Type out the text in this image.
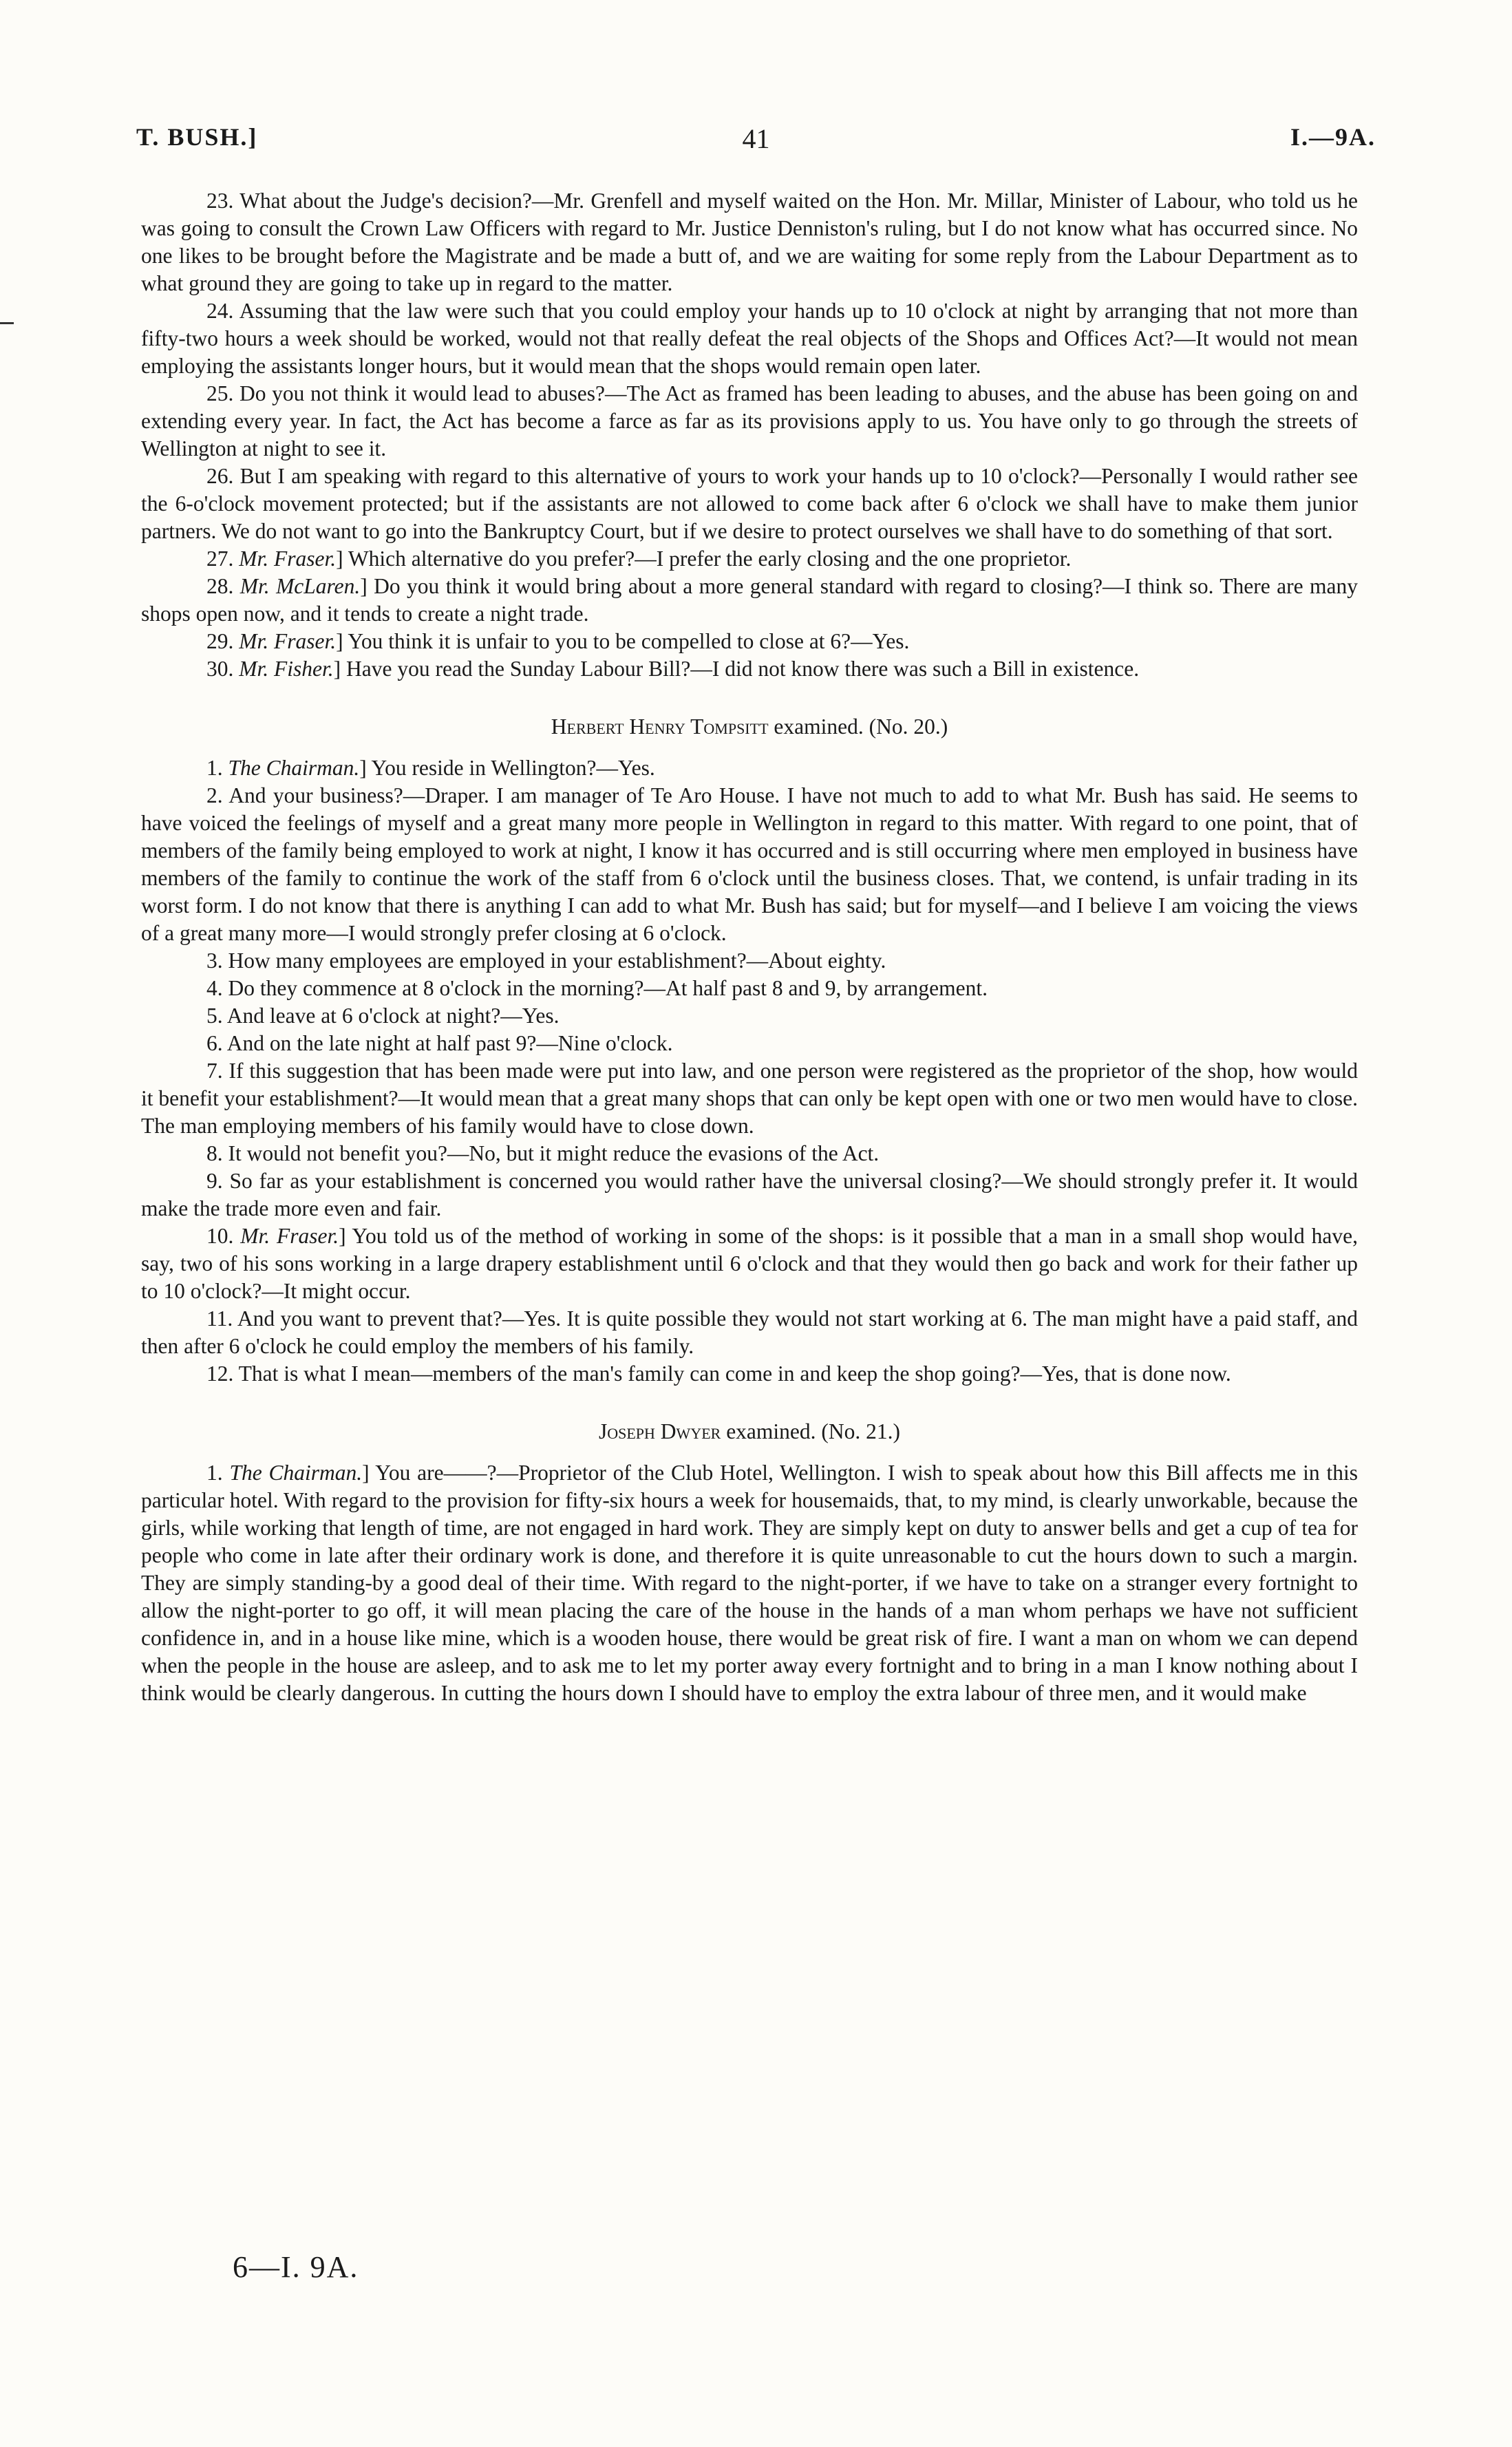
T. BUSH.]	41	I.—9A.

23. What about the Judge's decision?—Mr. Grenfell and myself waited on the Hon. Mr. Millar, Minister of Labour, who told us he was going to consult the Crown Law Officers with regard to Mr. Justice Denniston's ruling, but I do not know what has occurred since. No one likes to be brought before the Magistrate and be made a butt of, and we are waiting for some reply from the Labour Department as to what ground they are going to take up in regard to the matter.

24. Assuming that the law were such that you could employ your hands up to 10 o'clock at night by arranging that not more than fifty-two hours a week should be worked, would not that really defeat the real objects of the Shops and Offices Act?—It would not mean employing the assistants longer hours, but it would mean that the shops would remain open later.

25. Do you not think it would lead to abuses?—The Act as framed has been leading to abuses, and the abuse has been going on and extending every year. In fact, the Act has become a farce as far as its provisions apply to us. You have only to go through the streets of Wellington at night to see it.

26. But I am speaking with regard to this alternative of yours to work your hands up to 10 o'clock?—Personally I would rather see the 6-o'clock movement protected; but if the assistants are not allowed to come back after 6 o'clock we shall have to make them junior partners. We do not want to go into the Bankruptcy Court, but if we desire to protect ourselves we shall have to do something of that sort.

27. Mr. Fraser.] Which alternative do you prefer?—I prefer the early closing and the one proprietor.

28. Mr. McLaren.] Do you think it would bring about a more general standard with regard to closing?—I think so. There are many shops open now, and it tends to create a night trade.

29. Mr. Fraser.] You think it is unfair to you to be compelled to close at 6?—Yes.

30. Mr. Fisher.] Have you read the Sunday Labour Bill?—I did not know there was such a Bill in existence.

Herbert Henry Tompsitt examined. (No. 20.)

1. The Chairman.] You reside in Wellington?—Yes.

2. And your business?—Draper. I am manager of Te Aro House. I have not much to add to what Mr. Bush has said. He seems to have voiced the feelings of myself and a great many more people in Wellington in regard to this matter. With regard to one point, that of members of the family being employed to work at night, I know it has occurred and is still occurring where men employed in business have members of the family to continue the work of the staff from 6 o'clock until the business closes. That, we contend, is unfair trading in its worst form. I do not know that there is anything I can add to what Mr. Bush has said; but for myself—and I believe I am voicing the views of a great many more—I would strongly prefer closing at 6 o'clock.

3. How many employees are employed in your establishment?—About eighty.

4. Do they commence at 8 o'clock in the morning?—At half past 8 and 9, by arrangement.

5. And leave at 6 o'clock at night?—Yes.

6. And on the late night at half past 9?—Nine o'clock.

7. If this suggestion that has been made were put into law, and one person were registered as the proprietor of the shop, how would it benefit your establishment?—It would mean that a great many shops that can only be kept open with one or two men would have to close. The man employing members of his family would have to close down.

8. It would not benefit you?—No, but it might reduce the evasions of the Act.

9. So far as your establishment is concerned you would rather have the universal closing?—We should strongly prefer it. It would make the trade more even and fair.

10. Mr. Fraser.] You told us of the method of working in some of the shops: is it possible that a man in a small shop would have, say, two of his sons working in a large drapery establishment until 6 o'clock and that they would then go back and work for their father up to 10 o'clock?—It might occur.

11. And you want to prevent that?—Yes. It is quite possible they would not start working at 6. The man might have a paid staff, and then after 6 o'clock he could employ the members of his family.

12. That is what I mean—members of the man's family can come in and keep the shop going?—Yes, that is done now.

Joseph Dwyer examined. (No. 21.)

1. The Chairman.] You are——?—Proprietor of the Club Hotel, Wellington. I wish to speak about how this Bill affects me in this particular hotel. With regard to the provision for fifty-six hours a week for housemaids, that, to my mind, is clearly unworkable, because the girls, while working that length of time, are not engaged in hard work. They are simply kept on duty to answer bells and get a cup of tea for people who come in late after their ordinary work is done, and therefore it is quite unreasonable to cut the hours down to such a margin. They are simply standing-by a good deal of their time. With regard to the night-porter, if we have to take on a stranger every fortnight to allow the night-porter to go off, it will mean placing the care of the house in the hands of a man whom perhaps we have not sufficient confidence in, and in a house like mine, which is a wooden house, there would be great risk of fire. I want a man on whom we can depend when the people in the house are asleep, and to ask me to let my porter away every fortnight and to bring in a man I know nothing about I think would be clearly dangerous. In cutting the hours down I should have to employ the extra labour of three men, and it would make

6—I. 9A.
